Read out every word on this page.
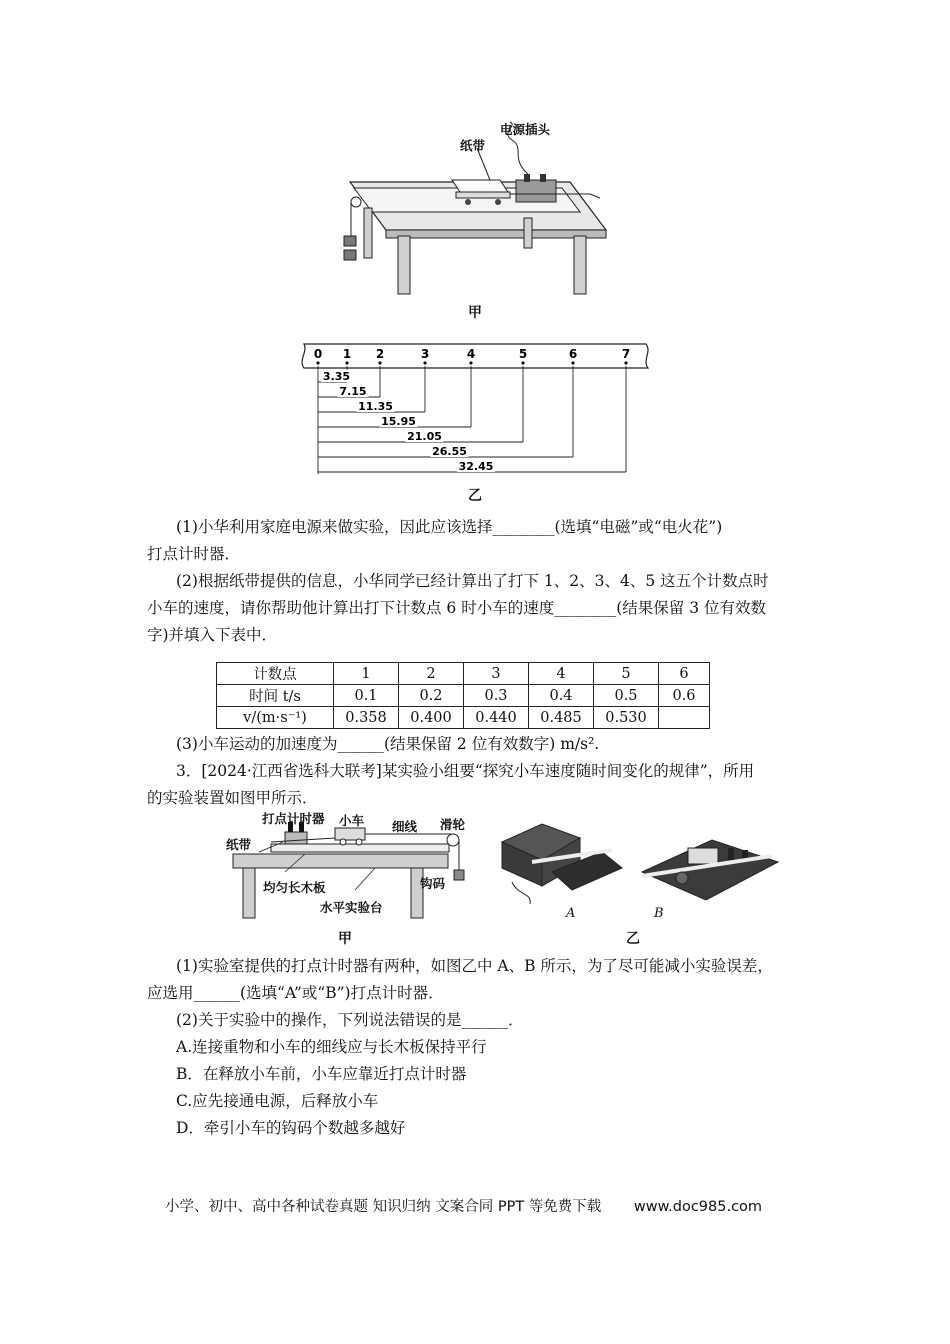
纸带
电源插头
甲
0 1
3.35
2
7.15
3
11.35
4
15.95
5
21.05
6
26.55
7
32.45
乙
(1)小华利用家庭电源来做实验，因此应该选择________(选填“电磁”或“电火花”)
打点计时器．
(2)根据纸带提供的信息，小华同学已经计算出了打下 1、2、3、4、5 这五个计数点时
小车的速度，请你帮助他计算出打下计数点 6 时小车的速度________(结果保留 3 位有效数
字)并填入下表中．
计数点	1	2	3	4	5	6
时间 t/s	0.1	0.2	0.3	0.4	0.5	0.6
v/(m·s⁻¹)	0.358	0.400	0.440	0.485	0.530	
(3)小车运动的加速度为______(结果保留 2 位有效数字) m/s².
3．[2024·江西省选科大联考]某实验小组要“探究小车速度随时间变化的规律”，所用
的实验装置如图甲所示．
打点计时器 小车 细线 滑轮
纸带
均匀长木板	钩码
水平实验台
甲
A	B
乙
(1)实验室提供的打点计时器有两种，如图乙中 A、B 所示，为了尽可能减小实验误差，
应选用______(选填“A”或“B”)打点计时器．
(2)关于实验中的操作，下列说法错误的是______．
A.连接重物和小车的细线应与长木板保持平行
B．在释放小车前，小车应靠近打点计时器
C.应先接通电源，后释放小车
D．牵引小车的钩码个数越多越好
小学、初中、高中各种试卷真题 知识归纳 文案合同 PPT 等免费下载 www.doc985.com
